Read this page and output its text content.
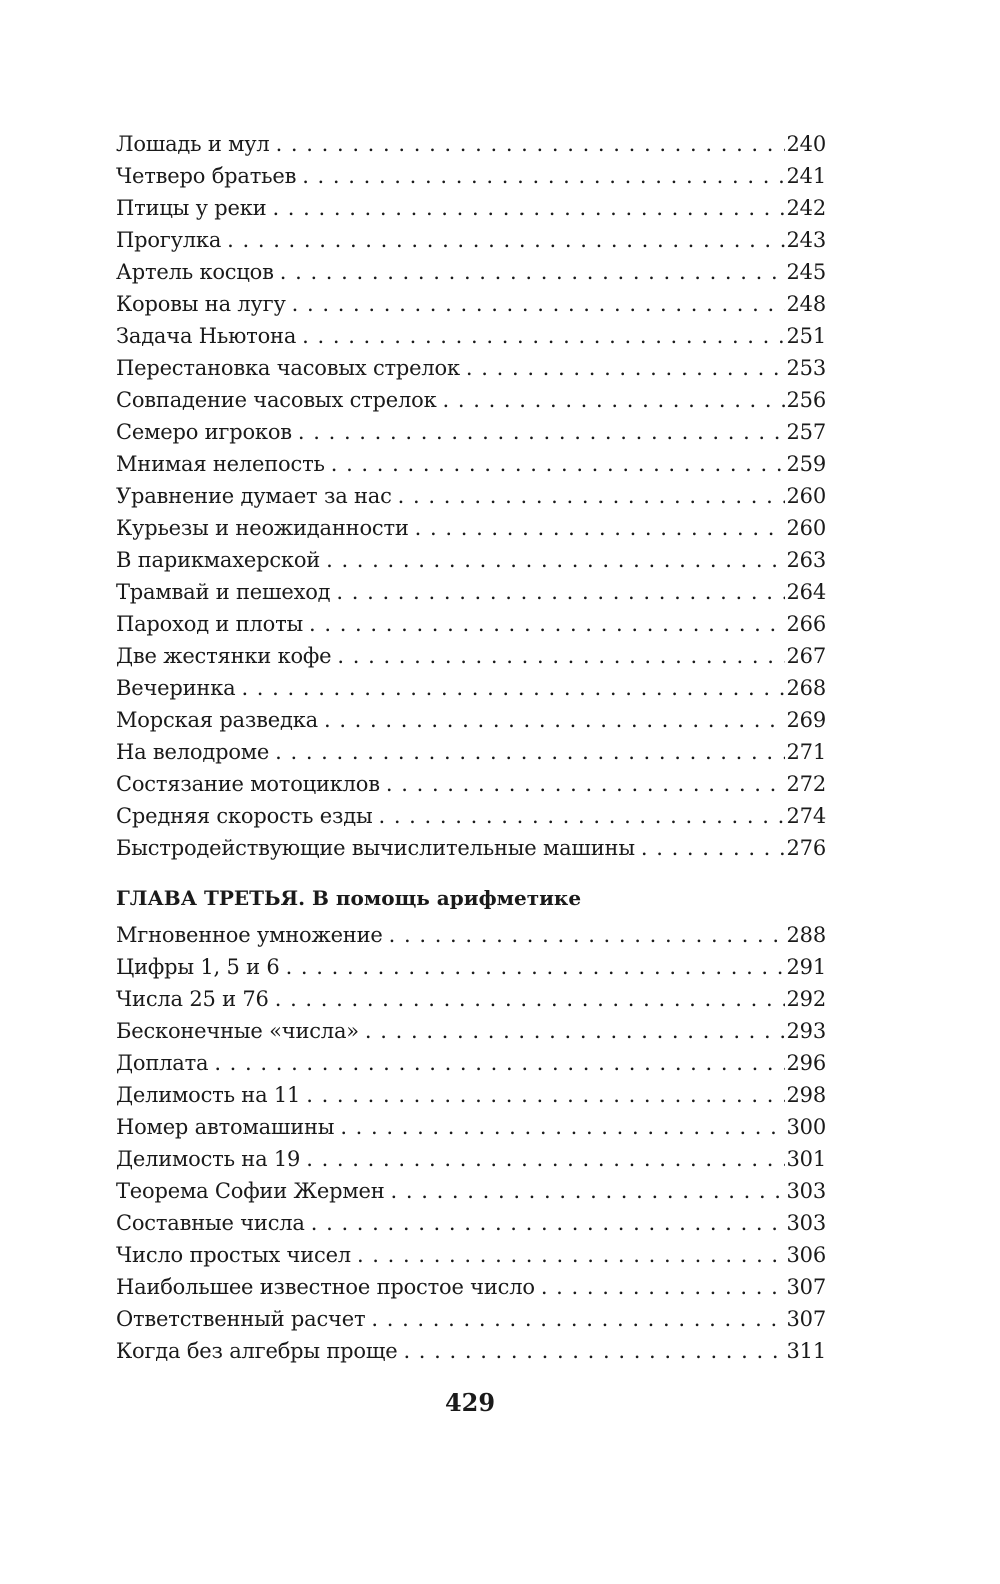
Лошадь и мул . . .	240
Четверо братьев . . .	241
Птицы у реки . . .	242
Прогулка . . .	243
Артель косцов . . .	245
Коровы на лугу . . .	248
Задача Ньютона . . .	251
Перестановка часовых стрелок . . .	253
Совпадение часовых стрелок . . .	256
Семеро игроков . . .	257
Мнимая нелепость . . .	259
Уравнение думает за нас . . .	260
Курьезы и неожиданности . . .	260
В парикмахерской . . .	263
Трамвай и пешеход . . .	264
Пароход и плоты . . .	266
Две жестянки кофе . . .	267
Вечеринка . . .	268
Морская разведка . . .	269
На велодроме . . .	271
Состязание мотоциклов . . .	272
Средняя скорость езды . . .	274
Быстродействующие вычислительные машины . . .	276
ГЛАВА ТРЕТЬЯ. В помощь арифметике
Мгновенное умножение . . .	288
Цифры 1, 5 и 6 . . .	291
Числа 25 и 76 . . .	292
Бесконечные «числа» . . .	293
Доплата . . .	296
Делимость на 11 . . .	298
Номер автомашины . . .	300
Делимость на 19 . . .	301
Теорема Софии Жермен . . .	303
Составные числа . . .	303
Число простых чисел . . .	306
Наибольшее известное простое число . . .	307
Ответственный расчет . . .	307
Когда без алгебры проще . . .	311
429
